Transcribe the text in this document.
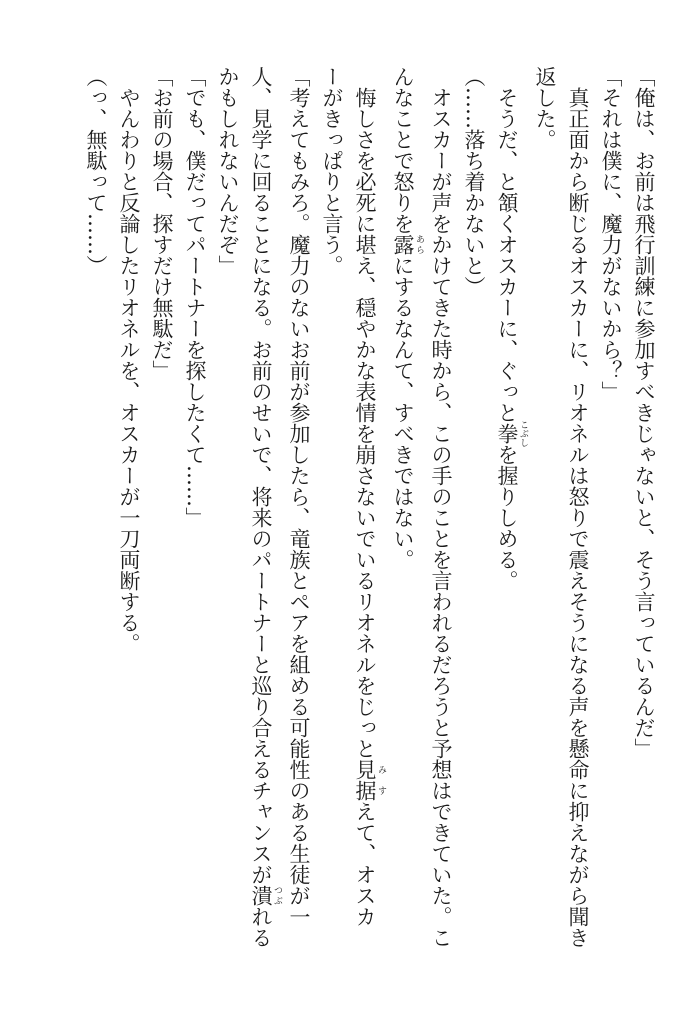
「俺は、お前は飛行訓練に参加すべきじゃないと、そう言っているんだ」
「それは僕に、魔力がないから？」
　真正面から断じるオスカーに、リオネルは怒りで震えそうになる声を懸命に抑えながら聞き
返した。
　そうだ、と頷くオスカーに、ぐっと拳 こぶしを握りしめる。
（……落ち着かないと）
　オスカーが声をかけてきた時から、この手のことを言われるだろうと予想はできていた。こ
んなことで怒りを露 あらにするなんて、すべきではない。
　悔しさを必死に堪え、穏やかな表情を崩さないでいるリオネルをじっと見据 みすえて、オスカ
ーがきっぱりと言う。
「考えてもみろ。魔力のないお前が参加したら、竜族とペアを組める可能性のある生徒が一
人、見学に回ることになる。お前のせいで、将来のパートナーと巡り合えるチャンスが潰 つぶれる
かもしれないんだぞ」
「でも、僕だってパートナーを探したくて……」
「お前の場合、探すだけ無駄だ」
　やんわりと反論したリオネルを、オスカーが一刀両断する。
（っ、無駄って……）
